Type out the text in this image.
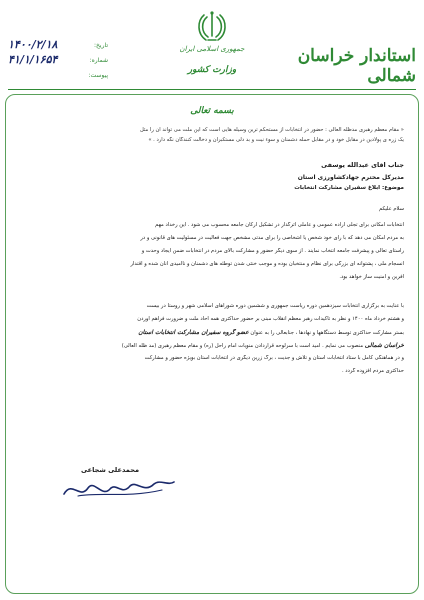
استاندار خراسان شمالی
جمهوری اسلامی ایران
وزارت کشور
تاریخ:
۱۴۰۰/۲/۱۸
شماره:
۴۱/۱/۱۶۵۴
پیوست:
بسمه تعالی
« مقام معظم رهبری مدظله العالی : حضور در انتخابات از مستحکم ترین وسیله هایی است که این ملت می تواند آن را مثل
یک زره ی پولادین در مقابل خود و در مقابل حمله دشمنان و سوء نیت و بد دلی مستکبران و دخالت کنندگان نگه دارد . »
جناب آقای عبدالله یوسفی
مدیرکل محترم جهادکشاورزی استان
موضوع: ابلاغ سفیران مشارکت انتخابات
سلام علیکم
انتخابات امکانی برای تجلی اراده عمومی و عاملی اثرگذار در تشکیل ارکان جامعه محسوب می شود . این رخداد مهم
به مردم امکان می دهد که با رای خود شخص یا اشخاصی را برای مدتی مشخص جهت فعالیت در مسئولیت های قانونی و در
راستای تعالی و پیشرفت جامعه انتخاب نمایند . از سوی دیگر حضور و مشارکت بالای مردم در انتخابات ضمن ایجاد وحدت و
انسجام ملی ، پشتوانه ای بزرگی برای نظام و منتخبان بوده و موجب خنثی شدن توطئه های دشمنان و ناامیدی آنان شده و اقتدار
آفرین و امنیت ساز خواهد بود.
با عنایت به برگزاری انتخابات سیزدهمین دوره ریاست جمهوری و ششمین دوره شوراهای اسلامی شهر و روستا در بیست
و هشتم خرداد ماه ۱۴۰۰ و نظر به تأکیدات رهبر معظم انقلاب مبنی بر حضور حداکثری همه آحاد ملت و ضرورت فراهم آوردن
بستر مشارکت حداکثری توسط دستگاهها و نهادها ، جنابعالی را به عنوان عضو گروه سفیران مشارکت انتخابات استان
خراسان شمالی منصوب می نمایم . امید است با سرلوحه قراردادن منویات امام راحل (ره) و مقام معظم رهبری (مد ظله العالی)
و در هماهنگی کامل با ستاد انتخابات استان و تلاش و جدیت ، برگ زرین دیگری در انتخابات استان بویژه حضور و مشارکت
حداکثری مردم افزوده گردد .
محمدعلی شجاعی
